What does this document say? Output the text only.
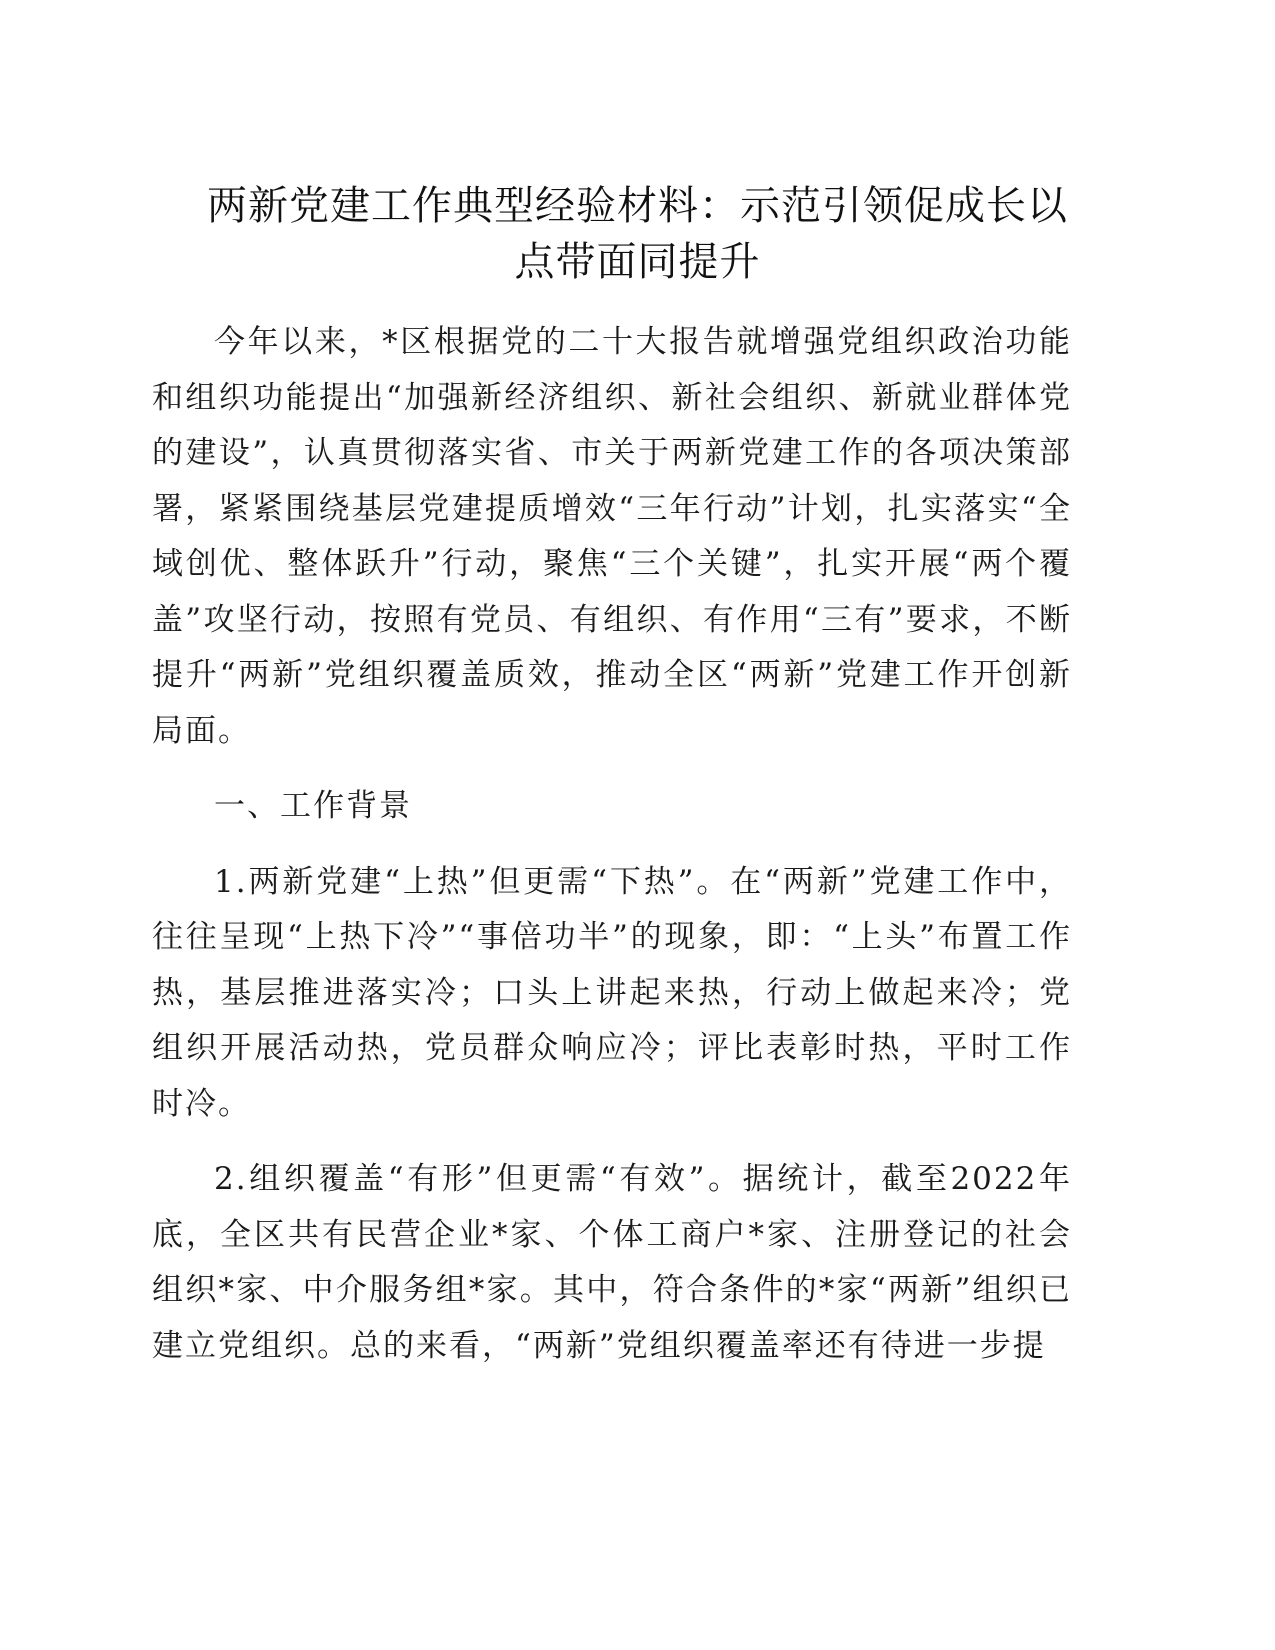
两新党建工作典型经验材料：示范引领促成长以
点带面同提升

今年以来，*区根据党的二十大报告就增强党组织政治功能和组织功能提出“加强新经济组织、新社会组织、新就业群体党的建设”，认真贯彻落实省、市关于两新党建工作的各项决策部署，紧紧围绕基层党建提质增效“三年行动”计划，扎实落实“全域创优、整体跃升”行动，聚焦“三个关键”，扎实开展“两个覆盖”攻坚行动，按照有党员、有组织、有作用“三有”要求，不断提升“两新”党组织覆盖质效，推动全区“两新”党建工作开创新局面。

一、工作背景

1.两新党建“上热”但更需“下热”。在“两新”党建工作中，往往呈现“上热下冷”“事倍功半”的现象，即：“上头”布置工作热，基层推进落实冷；口头上讲起来热，行动上做起来冷；党组织开展活动热，党员群众响应冷；评比表彰时热，平时工作时冷。

2.组织覆盖“有形”但更需“有效”。据统计，截至2022年底，全区共有民营企业*家、个体工商户*家、注册登记的社会组织*家、中介服务组*家。其中，符合条件的*家“两新”组织已建立党组织。总的来看，“两新”党组织覆盖率还有待进一步提
